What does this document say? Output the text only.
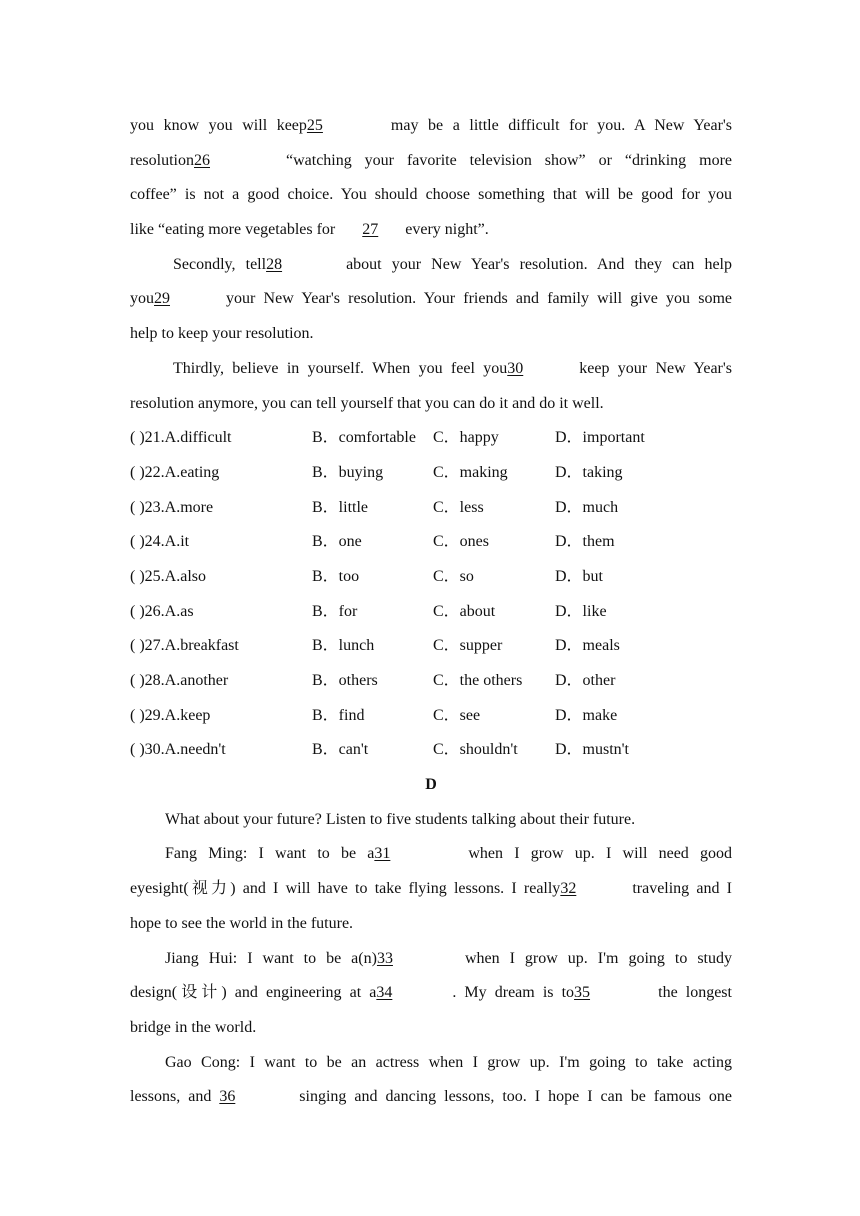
you know you will keep25	may be a little difficult for you. A New Year's
resolution26	“watching your favorite television show” or “drinking more
coffee” is not a good choice. You should choose something that will be good for you
like “eating more vegetables for 27 every night”.
Secondly, tell28	about your New Year's resolution. And they can help
you29	your New Year's resolution. Your friends and family will give you some
help to keep your resolution.
Thirdly, believe in yourself. When you feel you30	keep your New Year's
resolution anymore, you can tell yourself that you can do it and do it well.
( )21.A.difficult	B．comfortable C．happy	D．important
( )22.A.eating	B．buying	C．making	D．taking
( )23.A.more	B．little	C．less	D．much
( )24.A.it	B．one	C．ones	D．them
( )25.A.also	B．too	C．so	D．but
( )26.A.as	B．for	C．about	D．like
( )27.A.breakfast	B．lunch	C．supper	D．meals
( )28.A.another	B．others	C．the others D．other
( )29.A.keep	B．find	C．see	D．make
( )30.A.needn't	B．can't	C．shouldn't D．mustn't
D
What about your future? Listen to five students talking about their future.
Fang Ming: I want to be a31	when I grow up. I will need good
eyesight(视力) and I will have to take flying lessons. I really32	traveling and I
hope to see the world in the future.
Jiang Hui: I want to be a(n)33	when I grow up. I'm going to study
design(设计) and engineering at a34	. My dream is to35	the longest
bridge in the world.
Gao Cong: I want to be an actress when I grow up. I'm going to take acting
lessons, and 36	singing and dancing lessons, too. I hope I can be famous one
